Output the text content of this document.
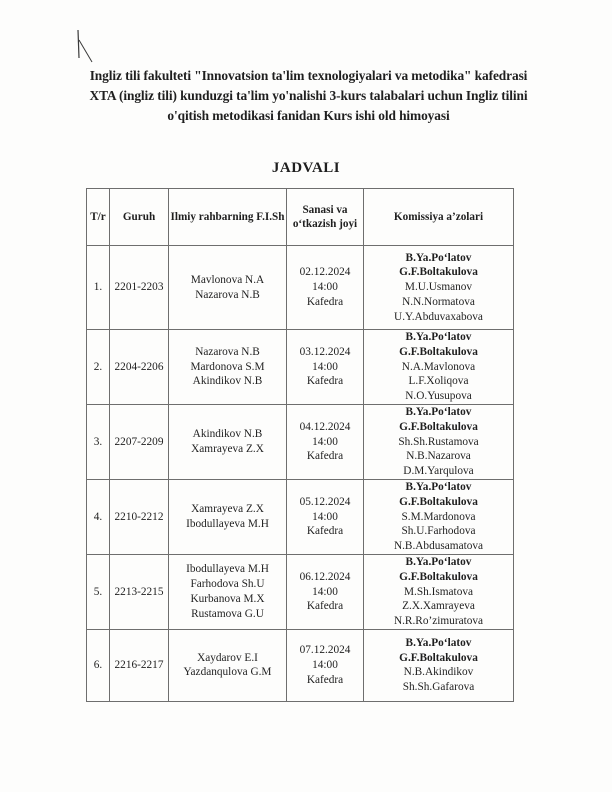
Ingliz tili fakulteti "Innovatsion ta'lim texnologiyalari va metodika" kafedrasi XTA (ingliz tili) kunduzgi ta'lim yo'nalishi 3-kurs talabalari uchun Ingliz tilini o'qitish metodikasi fanidan Kurs ishi old himoyasi
JADVALI
T/r	Guruh	Ilmiy rahbarning F.I.Sh	Sanasi va o‘tkazish joyi	Komissiya a’zolari
1.	2201-2203	Mavlonova N.A
Nazarova N.B	02.12.2024
14:00
Kafedra	B.Ya.Po‘latov
G.F.Boltakulova
M.U.Usmanov
N.N.Normatova
U.Y.Abduvaxabova

2.	2204-2206	Nazarova N.B
Mardonova S.M
Akindikov N.B	03.12.2024
14:00
Kafedra	B.Ya.Po‘latov
G.F.Boltakulova
N.A.Mavlonova
L.F.Xoliqova
N.O.Yusupova

3.	2207-2209	Akindikov N.B
Xamrayeva Z.X	04.12.2024
14:00
Kafedra	B.Ya.Po‘latov
G.F.Boltakulova
Sh.Sh.Rustamova
N.B.Nazarova
D.M.Yarqulova

4.	2210-2212	Xamrayeva Z.X
Ibodullayeva M.H	05.12.2024
14:00
Kafedra	B.Ya.Po‘latov
G.F.Boltakulova
S.M.Mardonova
Sh.U.Farhodova
N.B.Abdusamatova

5.	2213-2215	Ibodullayeva M.H
Farhodova Sh.U
Kurbanova M.X
Rustamova G.U	06.12.2024
14:00
Kafedra	B.Ya.Po‘latov
G.F.Boltakulova
M.Sh.Ismatova
Z.X.Xamrayeva
N.R.Ro’zimuratova

6.	2216-2217	Xaydarov E.I
Yazdanqulova G.M	07.12.2024
14:00
Kafedra	B.Ya.Po‘latov
G.F.Boltakulova
N.B.Akindikov
Sh.Sh.Gafarova
